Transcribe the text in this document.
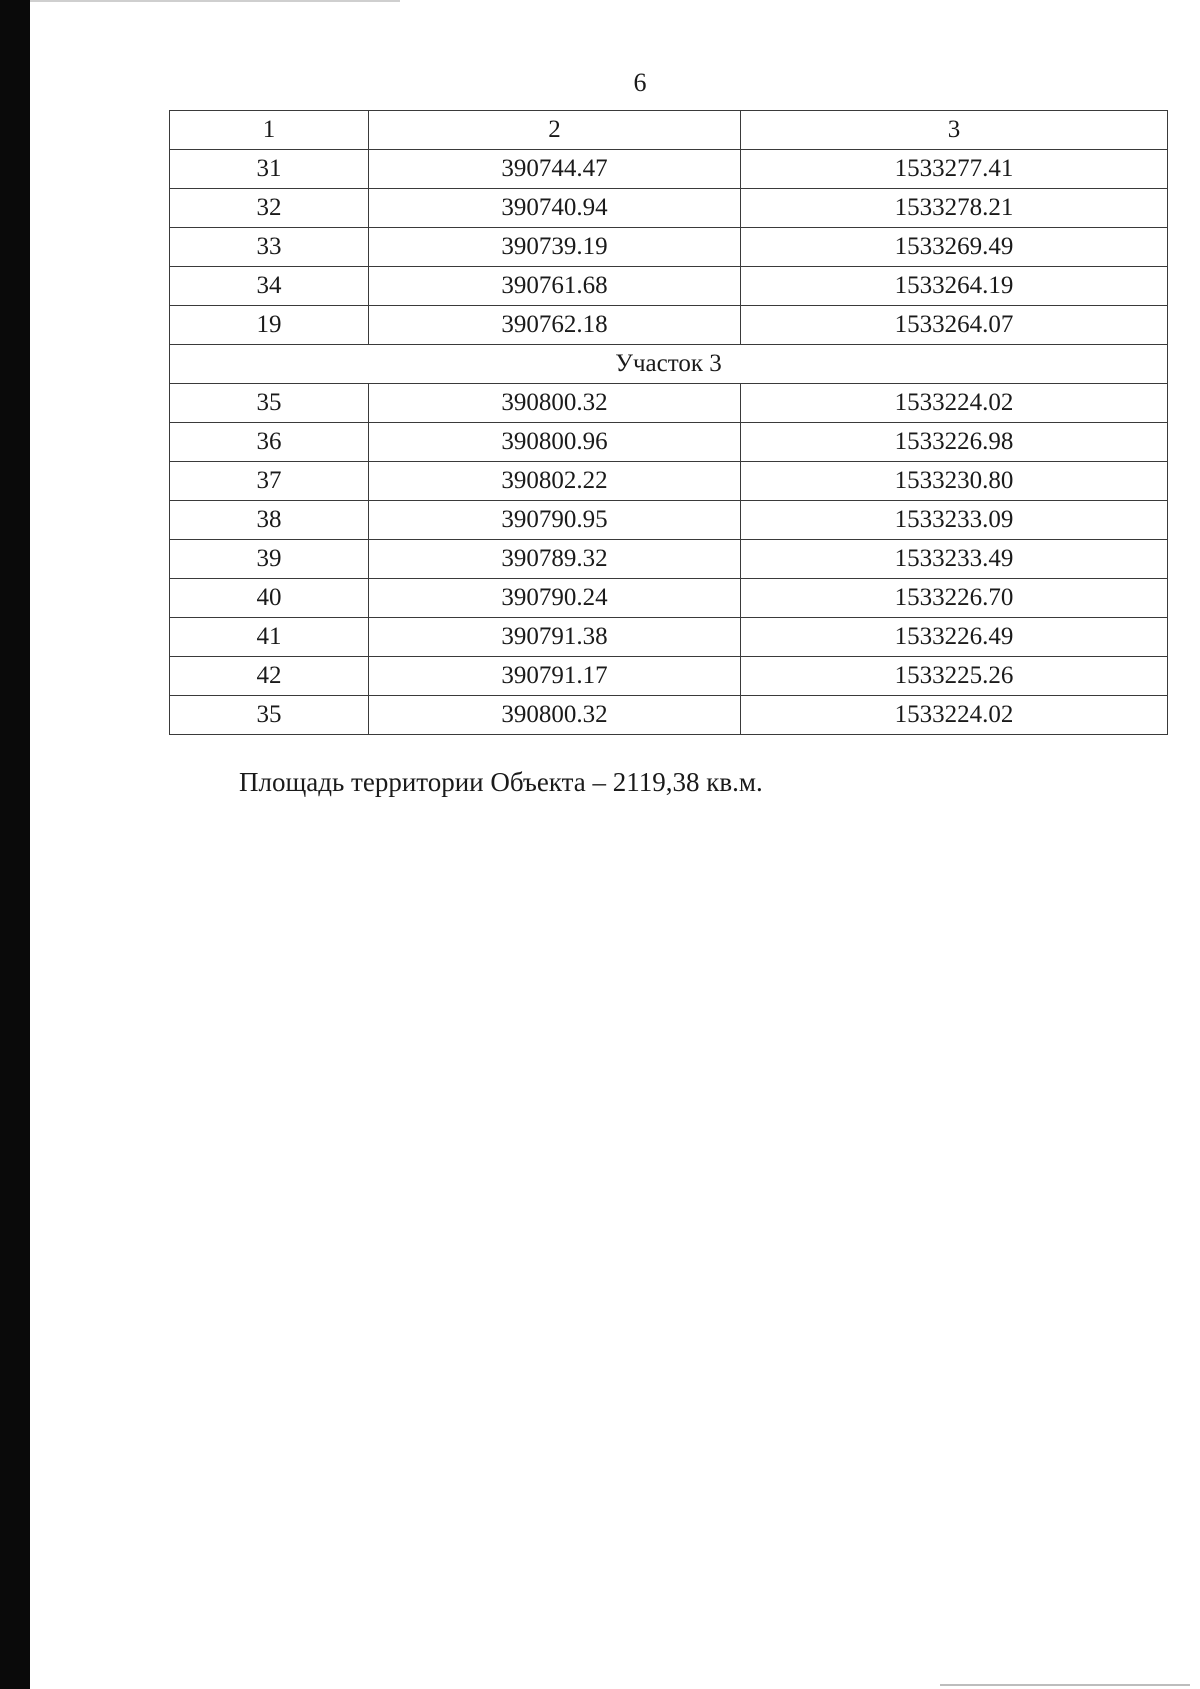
6
1	2	3
31	390744.47	1533277.41
32	390740.94	1533278.21
33	390739.19	1533269.49
34	390761.68	1533264.19
19	390762.18	1533264.07
Участок 3		
35	390800.32	1533224.02
36	390800.96	1533226.98
37	390802.22	1533230.80
38	390790.95	1533233.09
39	390789.32	1533233.49
40	390790.24	1533226.70
41	390791.38	1533226.49
42	390791.17	1533225.26
35	390800.32	1533224.02
Площадь территории Объекта – 2119,38 кв.м.
